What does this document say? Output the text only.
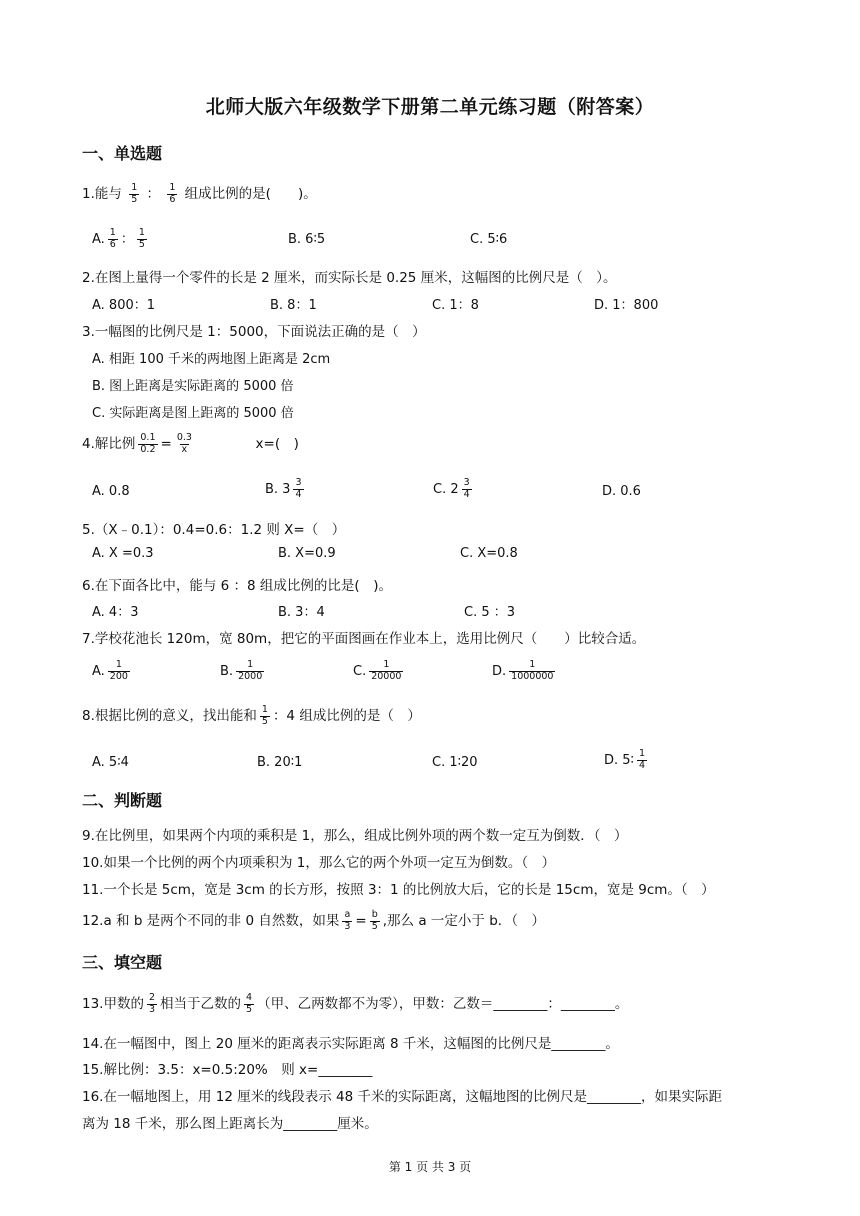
北师大版六年级数学下册第二单元练习题（附答案）
一、单选题
1.能与 $\frac{1}{5}$ ： $\frac{1}{6}$ 组成比例的是(　　)。
A. $\frac{1}{6}$ ： $\frac{1}{5}$	B. 6∶5	C. 5∶6
2.在图上量得一个零件的长是 2 厘米，而实际长是 0.25 厘米，这幅图的比例尺是（　）。
A. 800：1	B. 8：1	C. 1：8	D. 1：800
3.一幅图的比例尺是 1：5000，下面说法正确的是（　）
A. 相距 100 千米的两地图上距离是 2cm
B. 图上距离是实际距离的 5000 倍
C. 实际距离是图上距离的 5000 倍
4.解比例 $\frac{0.1}{0.2} = \frac{0.3}{x}$	x=(　)
A. 0.8	B. $3 \frac{3}{4}$	C. $2 \frac{3}{4}$	D. 0.6
5.（X﹣0.1）：0.4=0.6：1.2 则 X=（　）
A. X =0.3	B. X=0.9	C. X=0.8
6.在下面各比中，能与 6 ：8 组成比例的比是(　)。
A. 4：3	B. 3：4	C. 5 ：3
7.学校花池长 120m，宽 80m，把它的平面图画在作业本上，选用比例尺（　　）比较合适。
A. $\frac{1}{200}$	B. $\frac{1}{2000}$	C. $\frac{1}{20000}$	D. $\frac{1}{1000000}$
8.根据比例的意义，找出能和 $\frac{1}{5}$ ：4 组成比例的是（　）
A. 5∶4	B. 20∶1	C. 1∶20	D. 5∶ $\frac{1}{4}$
二、判断题
9.在比例里，如果两个内项的乘积是 1，那么，组成比例外项的两个数一定互为倒数．（　）
10.如果一个比例的两个内项乘积为 1，那么它的两个外项一定互为倒数。（　）
11.一个长是 5cm，宽是 3cm 的长方形，按照 3：1 的比例放大后，它的长是 15cm，宽是 9cm。（　）
12.a 和 b 是两个不同的非 0 自然数，如果 $\frac{a}{3} = \frac{b}{5}$ ,那么 a 一定小于 b．（　）
三、填空题
13.甲数的 $\frac{2}{3}$ 相当于乙数的 $\frac{4}{5}$ （甲、乙两数都不为零），甲数：乙数＝________：________。
14.在一幅图中，图上 20 厘米的距离表示实际距离 8 千米，这幅图的比例尺是________。
15.解比例：3.5：x=0.5:20%　则 x=________
16.在一幅地图上，用 12 厘米的线段表示 48 千米的实际距离，这幅地图的比例尺是________，如果实际距
离为 18 千米，那么图上距离长为________厘米。
第 1 页 共 3 页
